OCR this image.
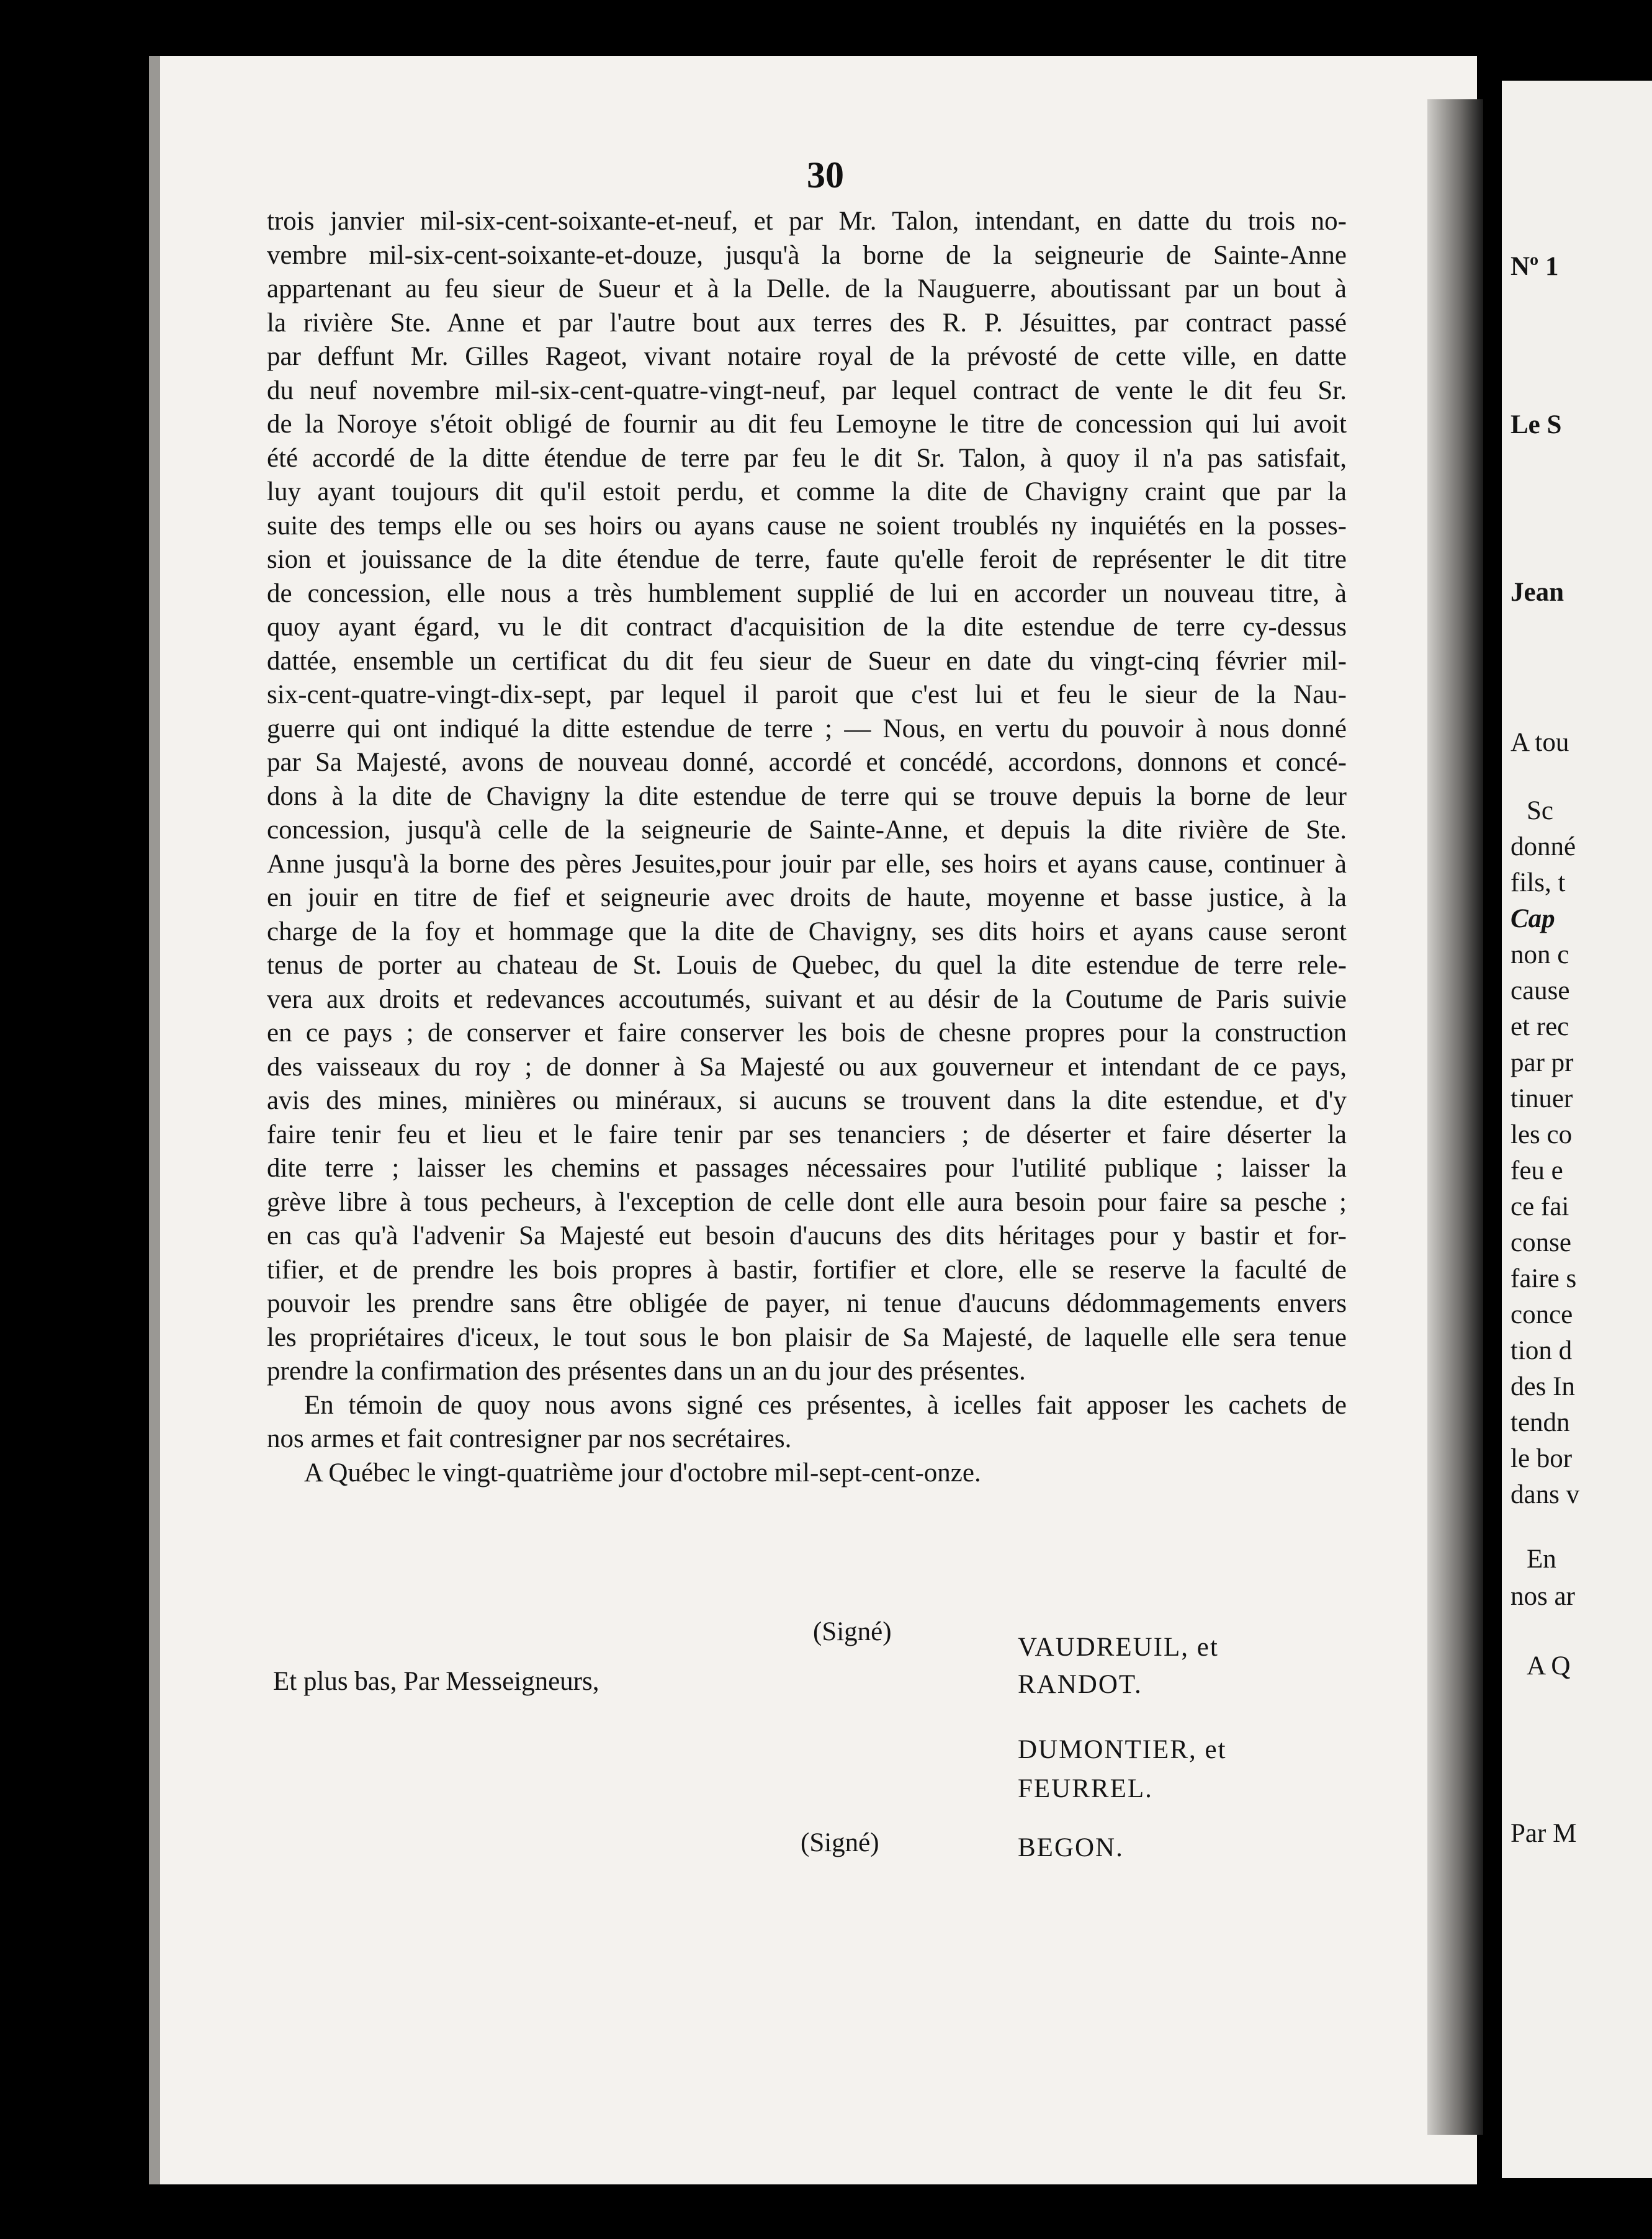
30
trois janvier mil-six-cent-soixante-et-neuf, et par Mr. Talon, intendant, en datte du trois no-
vembre mil-six-cent-soixante-et-douze, jusqu'à la borne de la seigneurie de Sainte-Anne
appartenant au feu sieur de Sueur et à la Delle. de la Nauguerre, aboutissant par un bout à
la rivière Ste. Anne et par l'autre bout aux terres des R. P. Jésuittes, par contract passé
par deffunt Mr. Gilles Rageot, vivant notaire royal de la prévosté de cette ville, en datte
du neuf novembre mil-six-cent-quatre-vingt-neuf, par lequel contract de vente le dit feu Sr.
de la Noroye s'étoit obligé de fournir au dit feu Lemoyne le titre de concession qui lui avoit
été accordé de la ditte étendue de terre par feu le dit Sr. Talon, à quoy il n'a pas satisfait,
luy ayant toujours dit qu'il estoit perdu, et comme la dite de Chavigny craint que par la
suite des temps elle ou ses hoirs ou ayans cause ne soient troublés ny inquiétés en la posses-
sion et jouissance de la dite étendue de terre, faute qu'elle feroit de représenter le dit titre
de concession, elle nous a très humblement supplié de lui en accorder un nouveau titre, à
quoy ayant égard, vu le dit contract d'acquisition de la dite estendue de terre cy-dessus
dattée, ensemble un certificat du dit feu sieur de Sueur en date du vingt-cinq février mil-
six-cent-quatre-vingt-dix-sept, par lequel il paroit que c'est lui et feu le sieur de la Nau-
guerre qui ont indiqué la ditte estendue de terre ; — Nous, en vertu du pouvoir à nous donné
par Sa Majesté, avons de nouveau donné, accordé et concédé, accordons, donnons et concé-
dons à la dite de Chavigny la dite estendue de terre qui se trouve depuis la borne de leur
concession, jusqu'à celle de la seigneurie de Sainte-Anne, et depuis la dite rivière de Ste.
Anne jusqu'à la borne des pères Jesuites,pour jouir par elle, ses hoirs et ayans cause, continuer à
en jouir en titre de fief et seigneurie avec droits de haute, moyenne et basse justice, à la
charge de la foy et hommage que la dite de Chavigny, ses dits hoirs et ayans cause seront
tenus de porter au chateau de St. Louis de Quebec, du quel la dite estendue de terre rele-
vera aux droits et redevances accoutumés, suivant et au désir de la Coutume de Paris suivie
en ce pays ; de conserver et faire conserver les bois de chesne propres pour la construction
des vaisseaux du roy ; de donner à Sa Majesté ou aux gouverneur et intendant de ce pays,
avis des mines, minières ou minéraux, si aucuns se trouvent dans la dite estendue, et d'y
faire tenir feu et lieu et le faire tenir par ses tenanciers ; de déserter et faire déserter la
dite terre ; laisser les chemins et passages nécessaires pour l'utilité publique ; laisser la
grève libre à tous pecheurs, à l'exception de celle dont elle aura besoin pour faire sa pesche ;
en cas qu'à l'advenir Sa Majesté eut besoin d'aucuns des dits héritages pour y bastir et for-
tifier, et de prendre les bois propres à bastir, fortifier et clore, elle se reserve la faculté de
pouvoir les prendre sans être obligée de payer, ni tenue d'aucuns dédommagements envers
les propriétaires d'iceux, le tout sous le bon plaisir de Sa Majesté, de laquelle elle sera tenue
prendre la confirmation des présentes dans un an du jour des présentes.
En témoin de quoy nous avons signé ces présentes, à icelles fait apposer les cachets de
nos armes et fait contresigner par nos secrétaires.
A Québec le vingt-quatrième jour d'octobre mil-sept-cent-onze.
(Signé)
VAUDREUIL, et
RANDOT.
Et plus bas, Par Messeigneurs,
DUMONTIER, et
FEURREL.
(Signé)	BEGON.
Nº 1
Le S
Jean
A tou
Sc
donné
fils, t
Cap
non c
cause
et rec
par pr
tinuer
les co
feu e
ce fai
conse
faire s
conce
tion d
des In
tendn
le bor
dans v
En
nos ar
A Q
Par M
